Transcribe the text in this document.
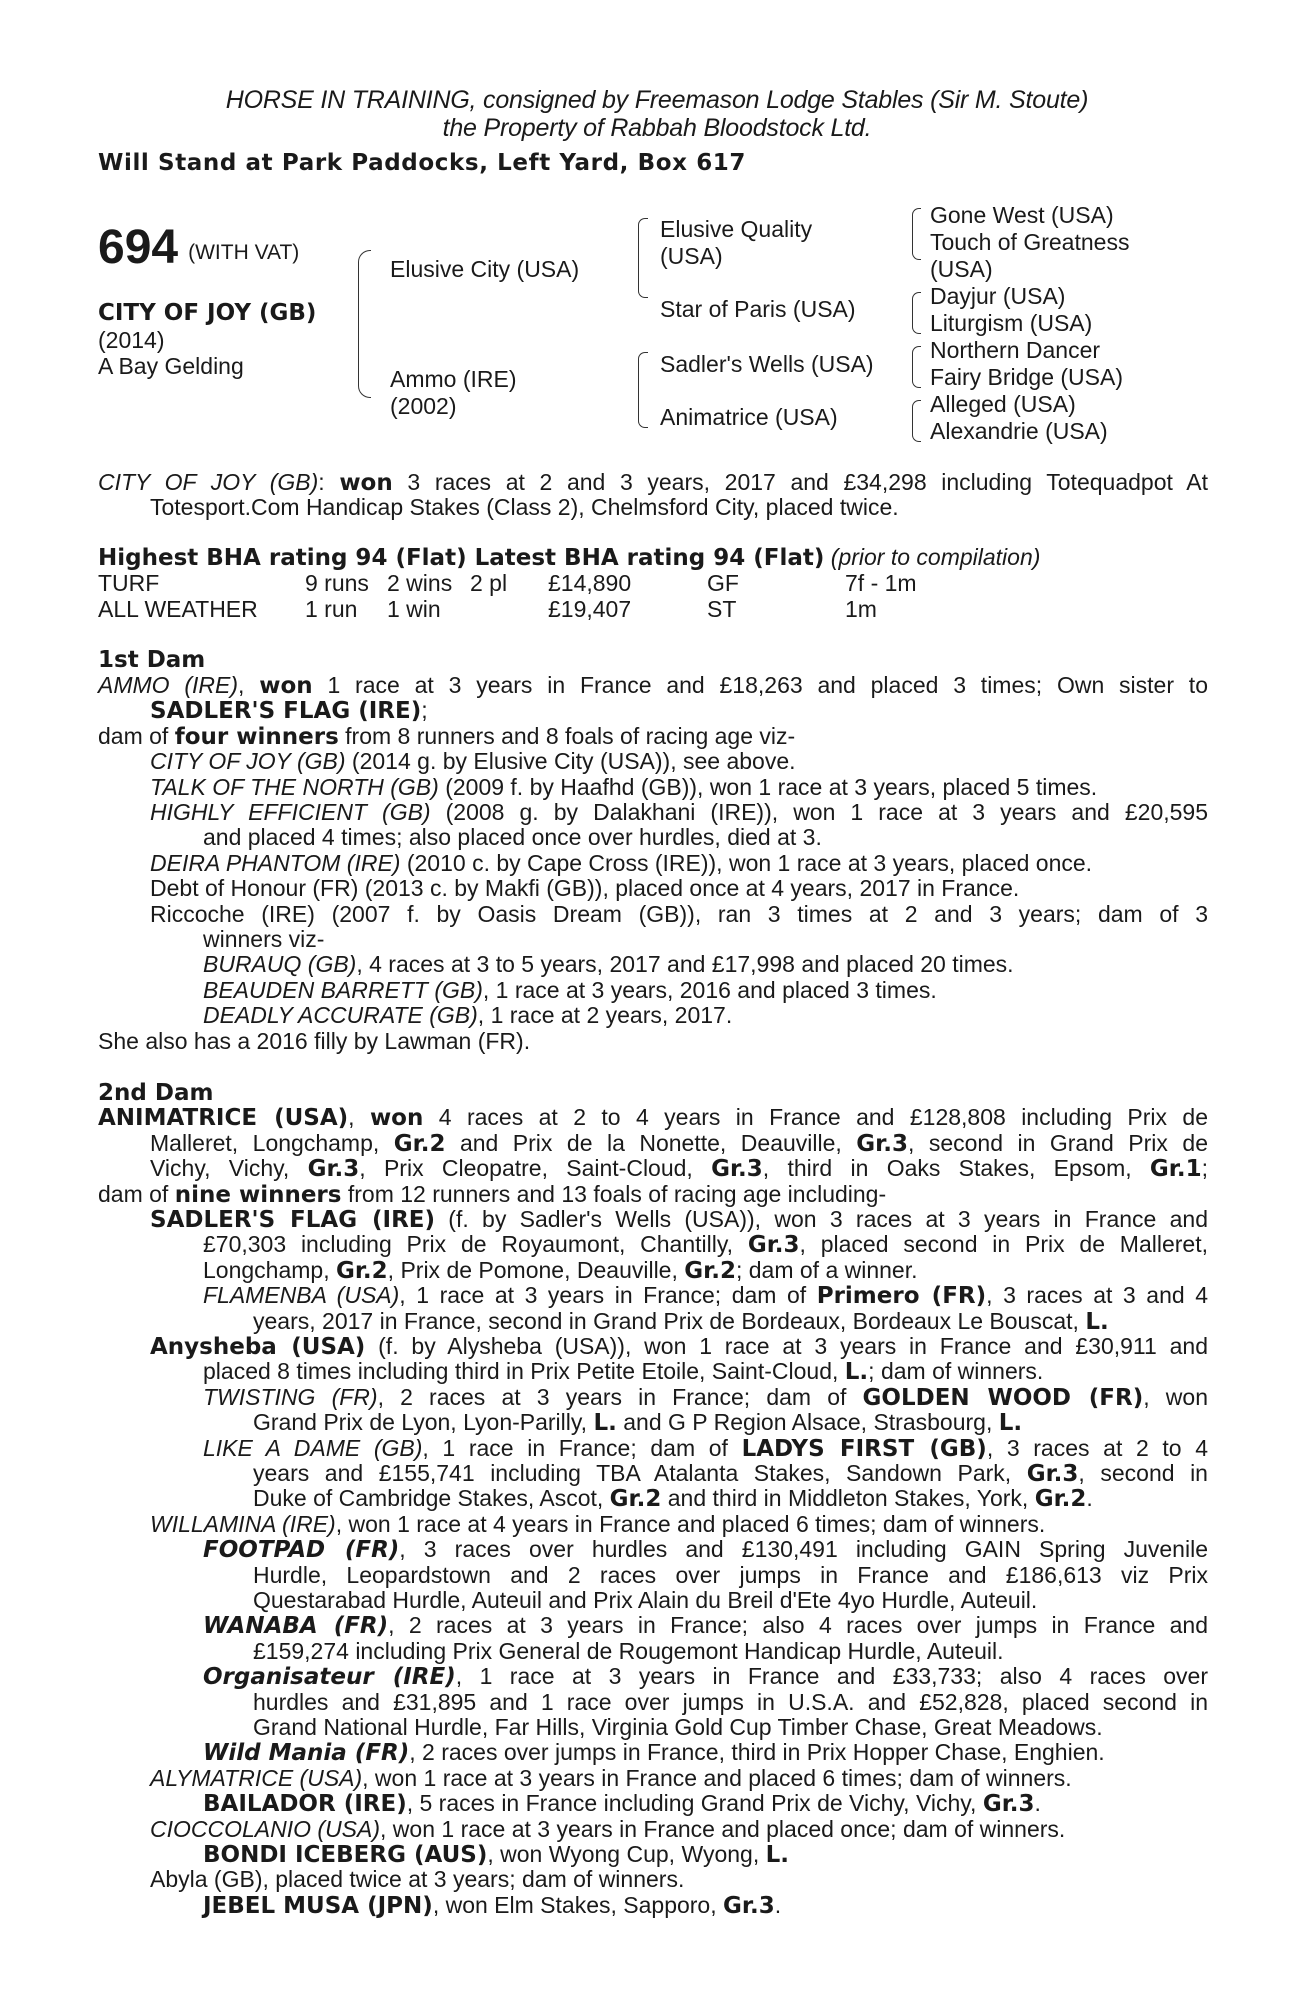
HORSE IN TRAINING, consigned by Freemason Lodge Stables (Sir M. Stoute)
the Property of Rabbah Bloodstock Ltd.
Will Stand at Park Paddocks, Left Yard, Box 617
694 (WITH VAT)
CITY OF JOY (GB)
(2014)
A Bay Gelding
Elusive City (USA)
Ammo (IRE)
(2002)
Elusive Quality
(USA)
Star of Paris (USA)
Sadler's Wells (USA)
Animatrice (USA)
Gone West (USA)
Touch of Greatness
(USA)
Dayjur (USA)
Liturgism (USA)
Northern Dancer
Fairy Bridge (USA)
Alleged (USA)
Alexandrie (USA)
CITY OF JOY (GB): won 3 races at 2 and 3 years, 2017 and £34,298 including Totequadpot At
Totesport.Com Handicap Stakes (Class 2), Chelmsford City, placed twice.
Highest BHA rating 94 (Flat) Latest BHA rating 94 (Flat) (prior to compilation)
TURF	9 runs 2 wins 2 pl £14,890	GF	7f - 1m
ALL WEATHER 1 run 1 win	£19,407	ST	1m
1st Dam
AMMO (IRE), won 1 race at 3 years in France and £18,263 and placed 3 times; Own sister to
SADLER'S FLAG (IRE);
dam of four winners from 8 runners and 8 foals of racing age viz-
CITY OF JOY (GB) (2014 g. by Elusive City (USA)), see above.
TALK OF THE NORTH (GB) (2009 f. by Haafhd (GB)), won 1 race at 3 years, placed 5 times.
HIGHLY EFFICIENT (GB) (2008 g. by Dalakhani (IRE)), won 1 race at 3 years and £20,595
and placed 4 times; also placed once over hurdles, died at 3.
DEIRA PHANTOM (IRE) (2010 c. by Cape Cross (IRE)), won 1 race at 3 years, placed once.
Debt of Honour (FR) (2013 c. by Makfi (GB)), placed once at 4 years, 2017 in France.
Riccoche (IRE) (2007 f. by Oasis Dream (GB)), ran 3 times at 2 and 3 years; dam of 3
winners viz-
BURAUQ (GB), 4 races at 3 to 5 years, 2017 and £17,998 and placed 20 times.
BEAUDEN BARRETT (GB), 1 race at 3 years, 2016 and placed 3 times.
DEADLY ACCURATE (GB), 1 race at 2 years, 2017.
She also has a 2016 filly by Lawman (FR).
2nd Dam
ANIMATRICE (USA), won 4 races at 2 to 4 years in France and £128,808 including Prix de
Malleret, Longchamp, Gr.2 and Prix de la Nonette, Deauville, Gr.3, second in Grand Prix de
Vichy, Vichy, Gr.3, Prix Cleopatre, Saint-Cloud, Gr.3, third in Oaks Stakes, Epsom, Gr.1;
dam of nine winners from 12 runners and 13 foals of racing age including-
SADLER'S FLAG (IRE) (f. by Sadler's Wells (USA)), won 3 races at 3 years in France and
£70,303 including Prix de Royaumont, Chantilly, Gr.3, placed second in Prix de Malleret,
Longchamp, Gr.2, Prix de Pomone, Deauville, Gr.2; dam of a winner.
FLAMENBA (USA), 1 race at 3 years in France; dam of Primero (FR), 3 races at 3 and 4
years, 2017 in France, second in Grand Prix de Bordeaux, Bordeaux Le Bouscat, L.
Anysheba (USA) (f. by Alysheba (USA)), won 1 race at 3 years in France and £30,911 and
placed 8 times including third in Prix Petite Etoile, Saint-Cloud, L.; dam of winners.
TWISTING (FR), 2 races at 3 years in France; dam of GOLDEN WOOD (FR), won
Grand Prix de Lyon, Lyon-Parilly, L. and G P Region Alsace, Strasbourg, L.
LIKE A DAME (GB), 1 race in France; dam of LADYS FIRST (GB), 3 races at 2 to 4
years and £155,741 including TBA Atalanta Stakes, Sandown Park, Gr.3, second in
Duke of Cambridge Stakes, Ascot, Gr.2 and third in Middleton Stakes, York, Gr.2.
WILLAMINA (IRE), won 1 race at 4 years in France and placed 6 times; dam of winners.
FOOTPAD (FR), 3 races over hurdles and £130,491 including GAIN Spring Juvenile
Hurdle, Leopardstown and 2 races over jumps in France and £186,613 viz Prix
Questarabad Hurdle, Auteuil and Prix Alain du Breil d'Ete 4yo Hurdle, Auteuil.
WANABA (FR), 2 races at 3 years in France; also 4 races over jumps in France and
£159,274 including Prix General de Rougemont Handicap Hurdle, Auteuil.
Organisateur (IRE), 1 race at 3 years in France and £33,733; also 4 races over
hurdles and £31,895 and 1 race over jumps in U.S.A. and £52,828, placed second in
Grand National Hurdle, Far Hills, Virginia Gold Cup Timber Chase, Great Meadows.
Wild Mania (FR), 2 races over jumps in France, third in Prix Hopper Chase, Enghien.
ALYMATRICE (USA), won 1 race at 3 years in France and placed 6 times; dam of winners.
BAILADOR (IRE), 5 races in France including Grand Prix de Vichy, Vichy, Gr.3.
CIOCCOLANIO (USA), won 1 race at 3 years in France and placed once; dam of winners.
BONDI ICEBERG (AUS), won Wyong Cup, Wyong, L.
Abyla (GB), placed twice at 3 years; dam of winners.
JEBEL MUSA (JPN), won Elm Stakes, Sapporo, Gr.3.
